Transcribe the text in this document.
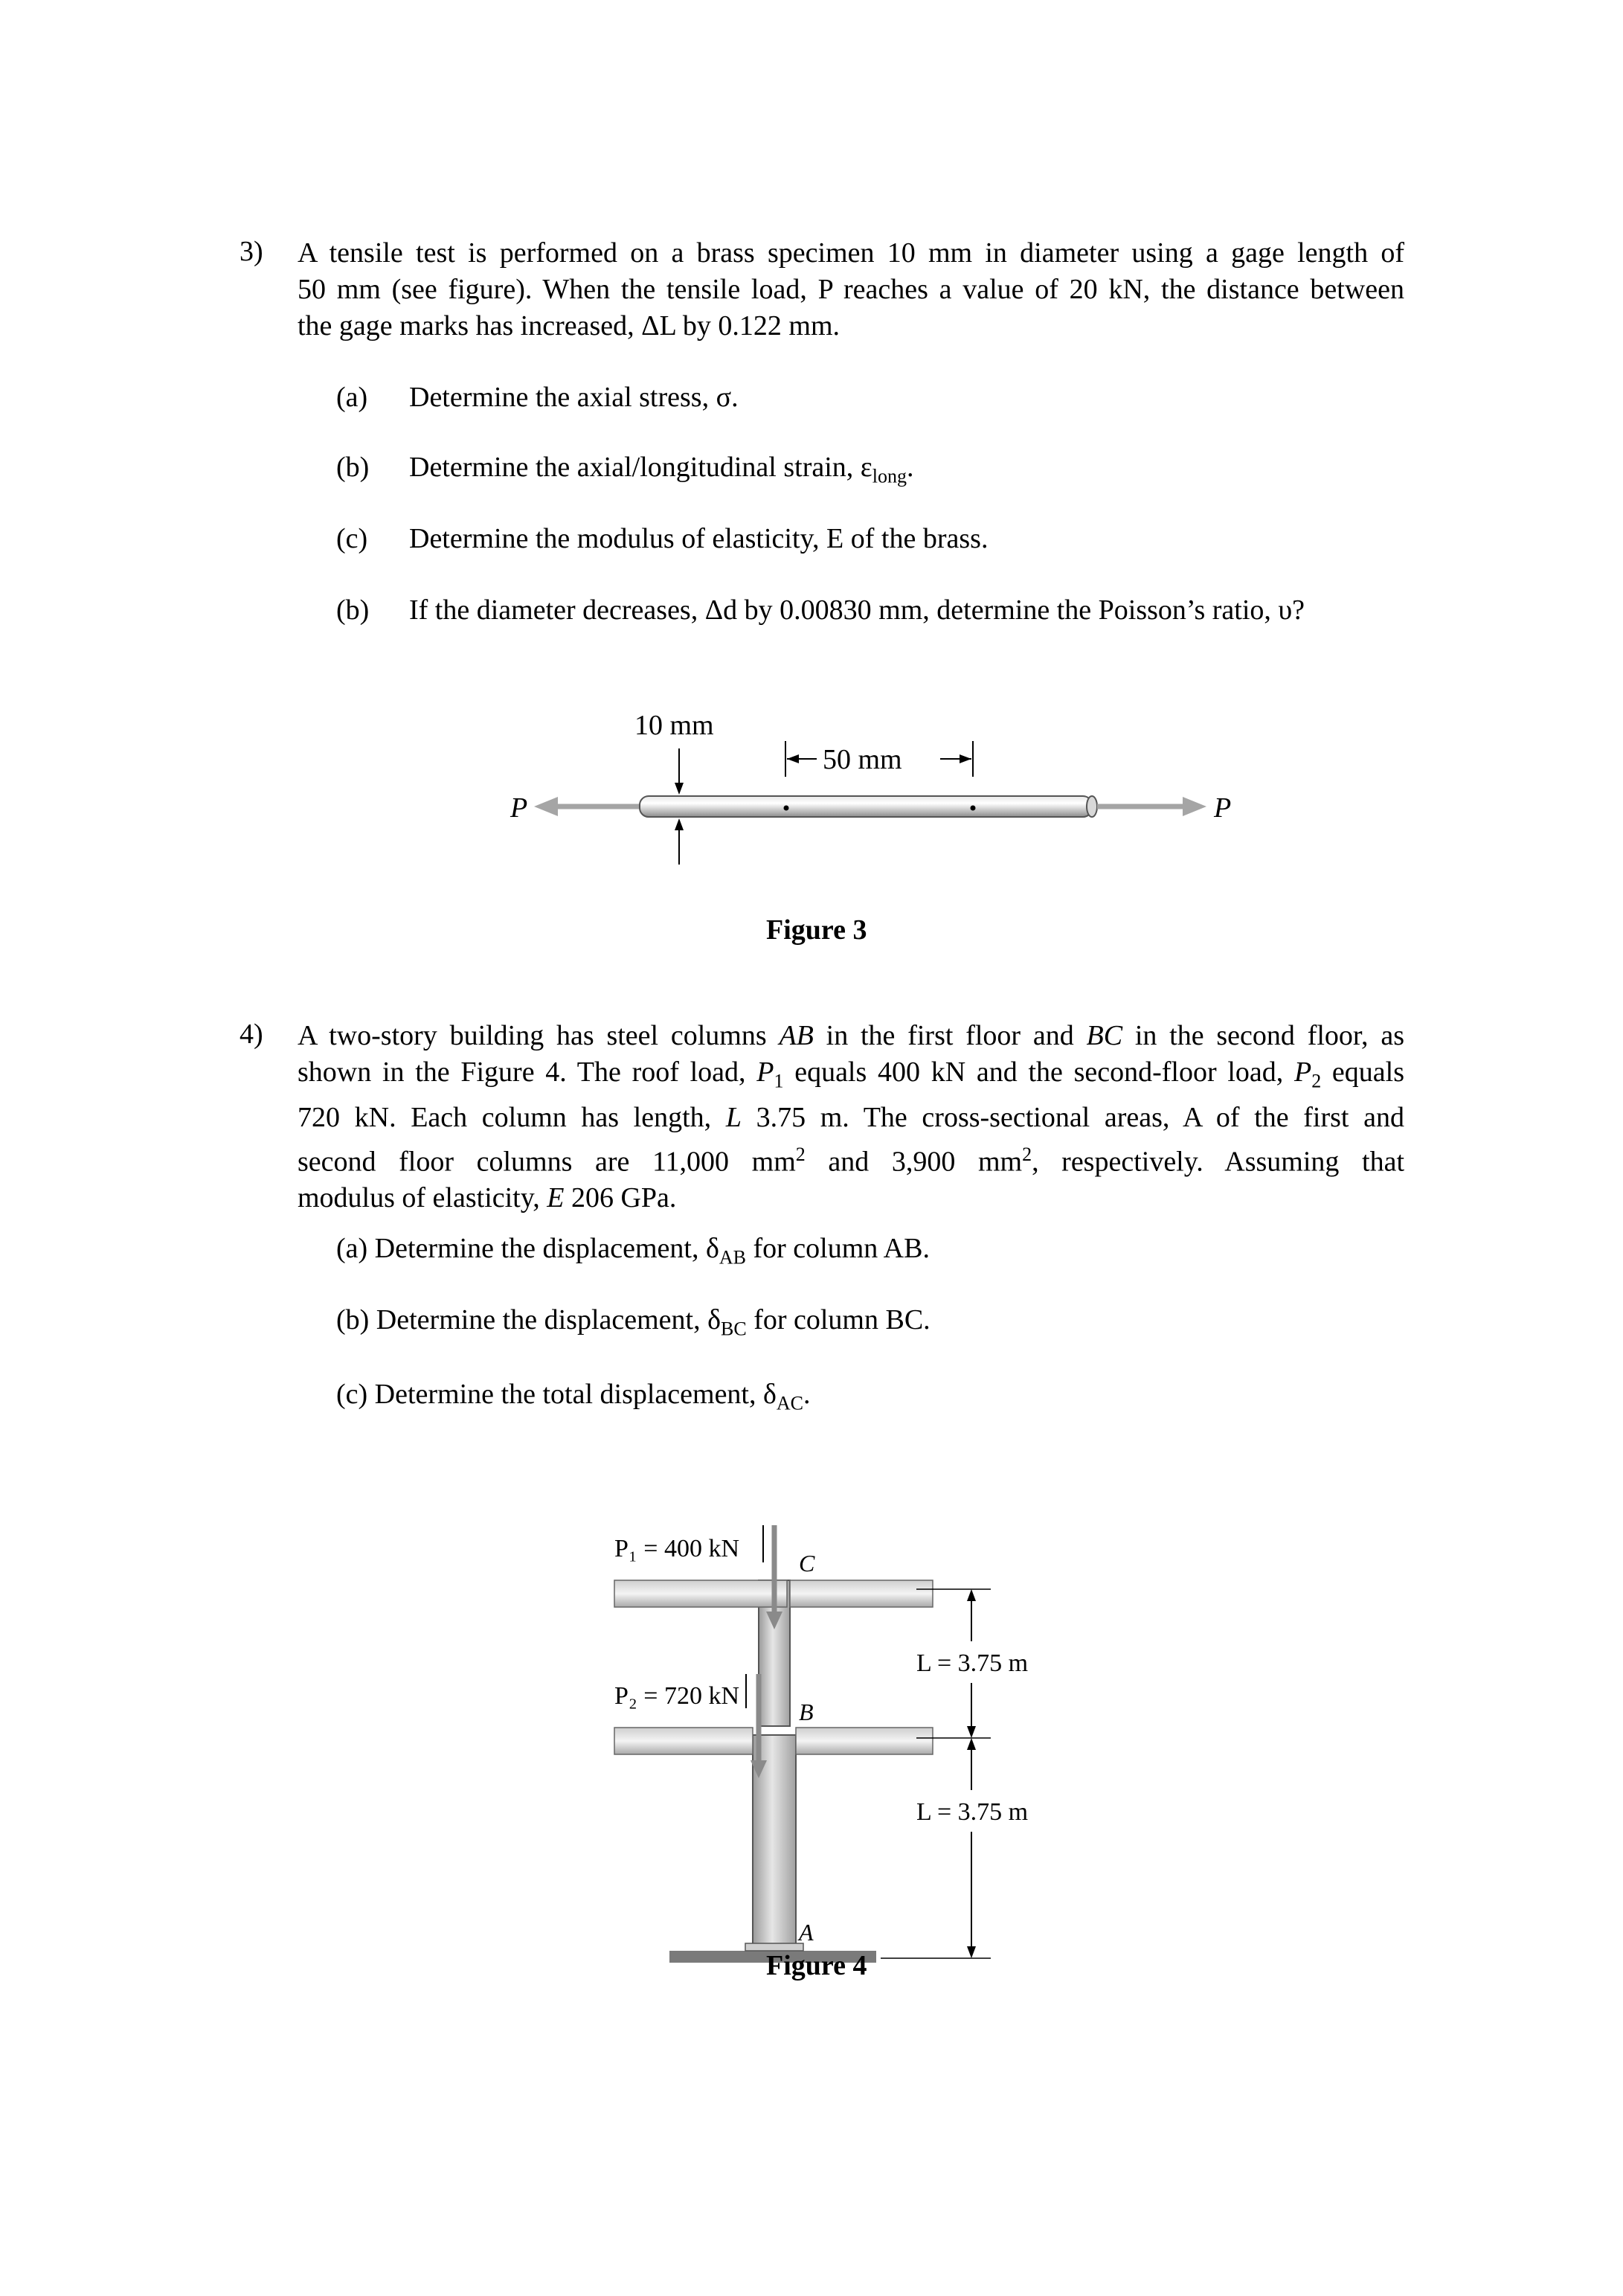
3) A tensile test is performed on a brass specimen 10 mm in diameter using a gage length of
50 mm (see figure). When the tensile load, P reaches a value of 20 kN, the distance between
the gage marks has increased, ΔL by 0.122 mm.
(a) Determine the axial stress, σ.
(b) Determine the axial/longitudinal strain, $\varepsilon_{long}$.
(c) Determine the modulus of elasticity, E of the brass.
(b) If the diameter decreases, Δd by 0.00830 mm, determine the Poisson’s ratio, υ?
P	P
10 mm
50 mm
Figure 3
4) A two-story building has steel columns AB in the first floor and BC in the second floor, as
shown in the Figure 4. The roof load, $P_1$ equals 400 kN and the second-floor load, $P_2$ equals
720 kN. Each column has length, L 3.75 m. The cross-sectional areas, A of the first and
second floor columns are 11,000 $mm^2$ and 3,900 $mm^2$, respectively. Assuming that
modulus of elasticity, E 206 GPa.
(a) Determine the displacement, $\delta_{AB}$ for column AB.
(b) Determine the displacement, $\delta_{BC}$ for column BC.
(c) Determine the total displacement, $\delta_{AC}$.
P₁ = 400 kN
P₂ = 720 kN
C
B
A
L = 3.75 m
L = 3.75 m
Figure 4
